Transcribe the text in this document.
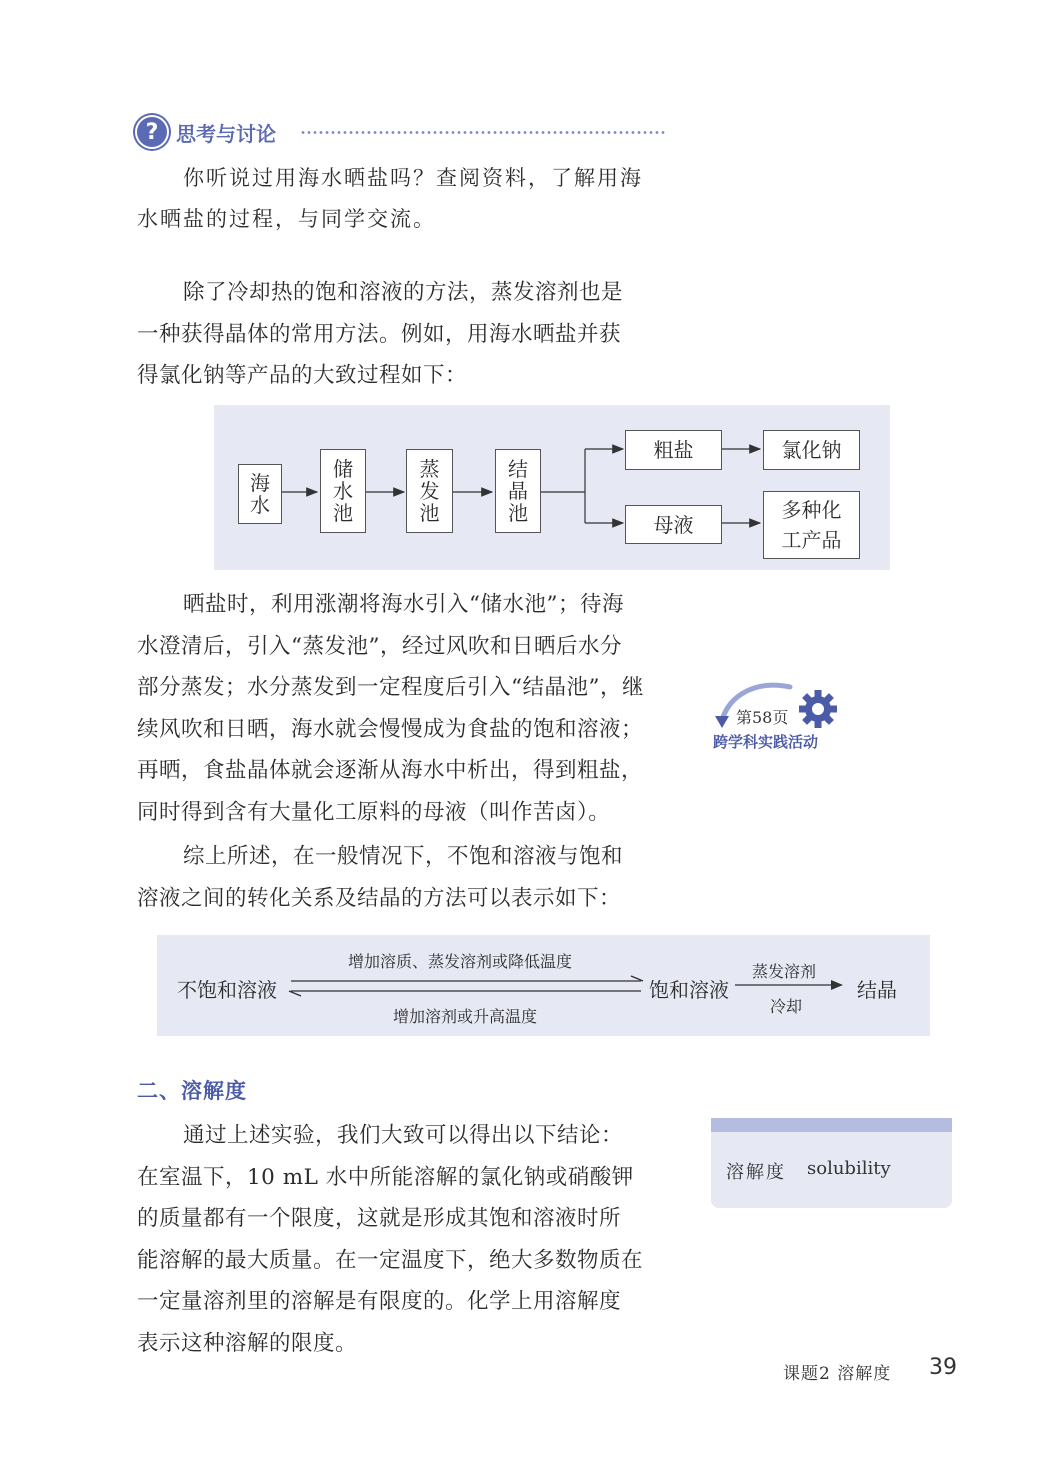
? 思考与讨论

你听说过用海水晒盐吗？查阅资料，了解用海

水晒盐的过程，与同学交流。

除了冷却热的饱和溶液的方法，蒸发溶剂也是

一种获得晶体的常用方法。例如，用海水晒盐并获

得氯化钠等产品的大致过程如下：

海
水
储
水
池
蒸
发
池
结
晶
池
粗盐	氯化钠
母液
多种化
工产品

晒盐时，利用涨潮将海水引入“储水池”；待海

水澄清后，引入“蒸发池”，经过风吹和日晒后水分

部分蒸发；水分蒸发到一定程度后引入“结晶池”，继

续风吹和日晒，海水就会慢慢成为食盐的饱和溶液；

再晒，食盐晶体就会逐渐从海水中析出，得到粗盐，

同时得到含有大量化工原料的母液（叫作苦卤）。

第58页
跨学科实践活动

综上所述，在一般情况下，不饱和溶液与饱和

溶液之间的转化关系及结晶的方法可以表示如下：

不饱和溶液	饱和溶液	结晶
增加溶质、蒸发溶剂或降低温度
增加溶剂或升高温度
蒸发溶剂
冷却
二、溶解度

通过上述实验，我们大致可以得出以下结论：

在室温下，10 mL 水中所能溶解的氯化钠或硝酸钾

的质量都有一个限度，这就是形成其饱和溶液时所

能溶解的最大质量。在一定温度下，绝大多数物质在

一定量溶剂里的溶解是有限度的。化学上用溶解度

表示这种溶解的限度。

溶解度 solubility
课题2 溶解度 39
